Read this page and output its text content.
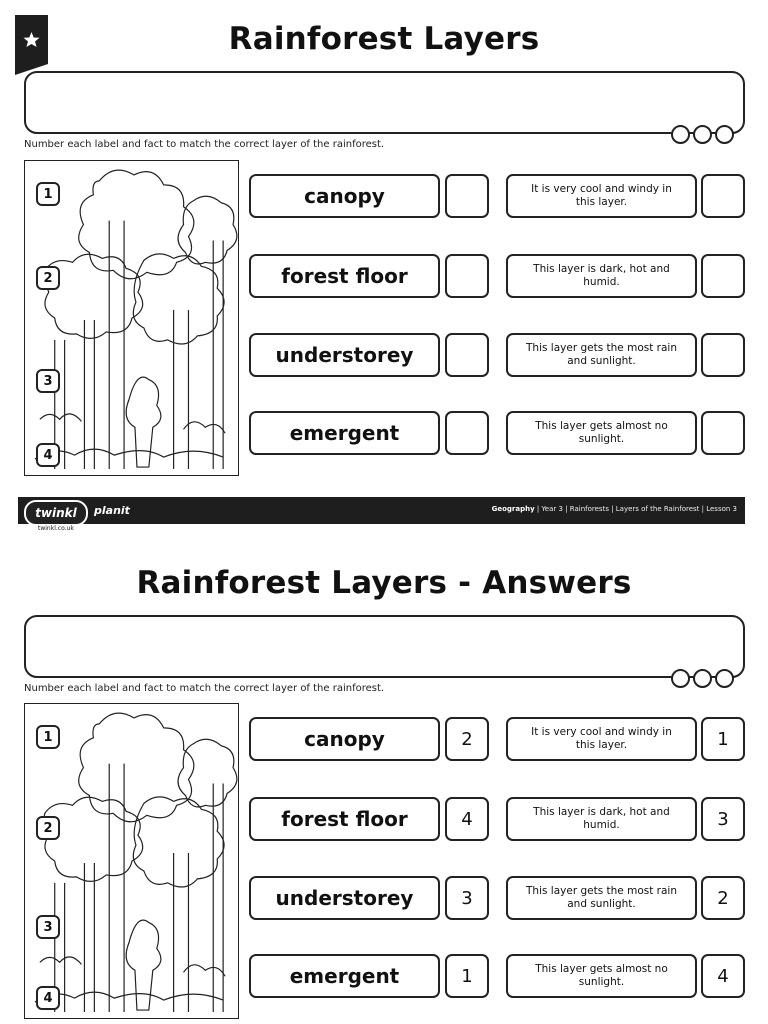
Rainforest Layers
Number each label and fact to match the correct layer of the rainforest.
1
2
3
4
canopy	It is very cool and windy in this layer.
forest floor	This layer is dark, hot and humid.
understorey	This layer gets the most rain and sunlight.
emergent	This layer gets almost no sunlight.
Geography | Year 3 | Rainforests | Layers of the Rainforest | Lesson 3
twinkl	planit
twinkl.co.uk
Rainforest Layers - Answers
Number each label and fact to match the correct layer of the rainforest.
1
2
3
4
canopy	2	It is very cool and windy in this layer.	1
forest floor	4	This layer is dark, hot and humid.	3
understorey	3	This layer gets the most rain and sunlight.	2
emergent	1	This layer gets almost no sunlight.	4
